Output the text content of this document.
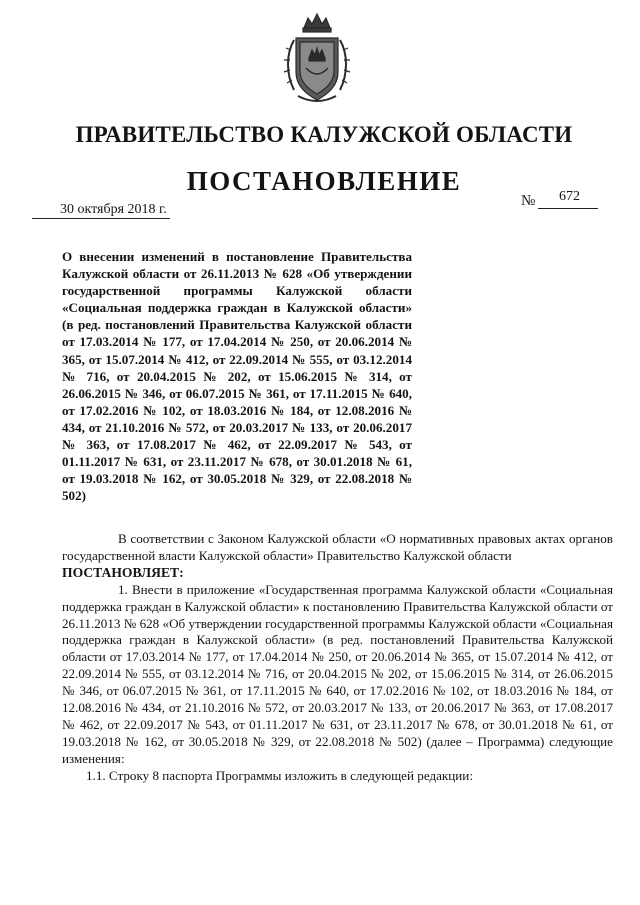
ПРАВИТЕЛЬСТВО КАЛУЖСКОЙ ОБЛАСТИ
ПОСТАНОВЛЕНИЕ
30 октября 2018 г.
№ 672
О внесении изменений в постановление Правительства Калужской области от 26.11.2013 № 628 «Об утверждении государственной программы Калужской области «Социальная поддержка граждан в Калужской области» (в ред. постановлений Правительства Калужской области от 17.03.2014 № 177, от 17.04.2014 № 250, от 20.06.2014 № 365, от 15.07.2014 № 412, от 22.09.2014 № 555, от 03.12.2014 № 716, от 20.04.2015 № 202, от 15.06.2015 № 314, от 26.06.2015 № 346, от 06.07.2015 № 361, от 17.11.2015 № 640, от 17.02.2016 № 102, от 18.03.2016 № 184, от 12.08.2016 № 434, от 21.10.2016 № 572, от 20.03.2017 № 133, от 20.06.2017 № 363, от 17.08.2017 № 462, от 22.09.2017 № 543, от 01.11.2017 № 631, от 23.11.2017 № 678, от 30.01.2018 № 61, от 19.03.2018 № 162, от 30.05.2018 № 329, от 22.08.2018 № 502)

В соответствии с Законом Калужской области «О нормативных правовых актах органов государственной власти Калужской области» Правительство Калужской области

ПОСТАНОВЛЯЕТ:

1. Внести в приложение «Государственная программа Калужской области «Социальная поддержка граждан в Калужской области» к постановлению Правительства Калужской области от 26.11.2013 № 628 «Об утверждении государственной программы Калужской области «Социальная поддержка граждан в Калужской области» (в ред. постановлений Правительства Калужской области от 17.03.2014 № 177, от 17.04.2014 № 250, от 20.06.2014 № 365, от 15.07.2014 № 412, от 22.09.2014 № 555, от 03.12.2014 № 716, от 20.04.2015 № 202, от 15.06.2015 № 314, от 26.06.2015 № 346, от 06.07.2015 № 361, от 17.11.2015 № 640, от 17.02.2016 № 102, от 18.03.2016 № 184, от 12.08.2016 № 434, от 21.10.2016 № 572, от 20.03.2017 № 133, от 20.06.2017 № 363, от 17.08.2017 № 462, от 22.09.2017 № 543, от 01.11.2017 № 631, от 23.11.2017 № 678, от 30.01.2018 № 61, от 19.03.2018 № 162, от 30.05.2018 № 329, от 22.08.2018 № 502) (далее – Программа) следующие изменения:

1.1. Строку 8 паспорта Программы изложить в следующей редакции:
